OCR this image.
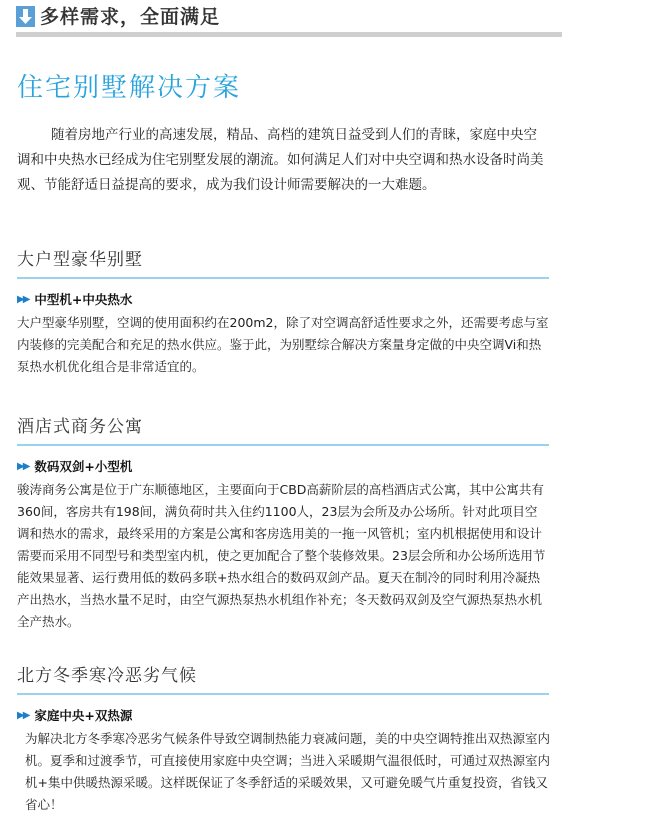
多样需求，全面满足
住宅别墅解决方案

随着房地产行业的高速发展，精品、高档的建筑日益受到人们的青睐，家庭中央空调和中央热水已经成为住宅别墅发展的潮流。如何满足人们对中央空调和热水设备时尚美观、节能舒适日益提高的要求，成为我们设计师需要解决的一大难题。

大户型豪华别墅
▶▶ 中型机+中央热水

大户型豪华别墅，空调的使用面积约在200m2，除了对空调高舒适性要求之外，还需要考虑与室内装修的完美配合和充足的热水供应。鉴于此，为别墅综合解决方案量身定做的中央空调Vi和热泵热水机优化组合是非常适宜的。

酒店式商务公寓
▶▶ 数码双剑+小型机

骏涛商务公寓是位于广东顺德地区，主要面向于CBD高薪阶层的高档酒店式公寓，其中公寓共有360间，客房共有198间，满负荷时共入住约1100人，23层为会所及办公场所。针对此项目空调和热水的需求，最终采用的方案是公寓和客房选用美的一拖一风管机；室内机根据使用和设计需要而采用不同型号和类型室内机，使之更加配合了整个装修效果。23层会所和办公场所选用节能效果显著、运行费用低的数码多联+热水组合的数码双剑产品。夏天在制冷的同时利用冷凝热产出热水，当热水量不足时，由空气源热泵热水机组作补充；冬天数码双剑及空气源热泵热水机全产热水。

北方冬季寒冷恶劣气候
▶▶ 家庭中央+双热源

为解决北方冬季寒冷恶劣气候条件导致空调制热能力衰减问题，美的中央空调特推出双热源室内机。夏季和过渡季节，可直接使用家庭中央空调；当进入采暖期气温很低时，可通过双热源室内机+集中供暖热源采暖。这样既保证了冬季舒适的采暖效果，又可避免暖气片重复投资，省钱又省心！
